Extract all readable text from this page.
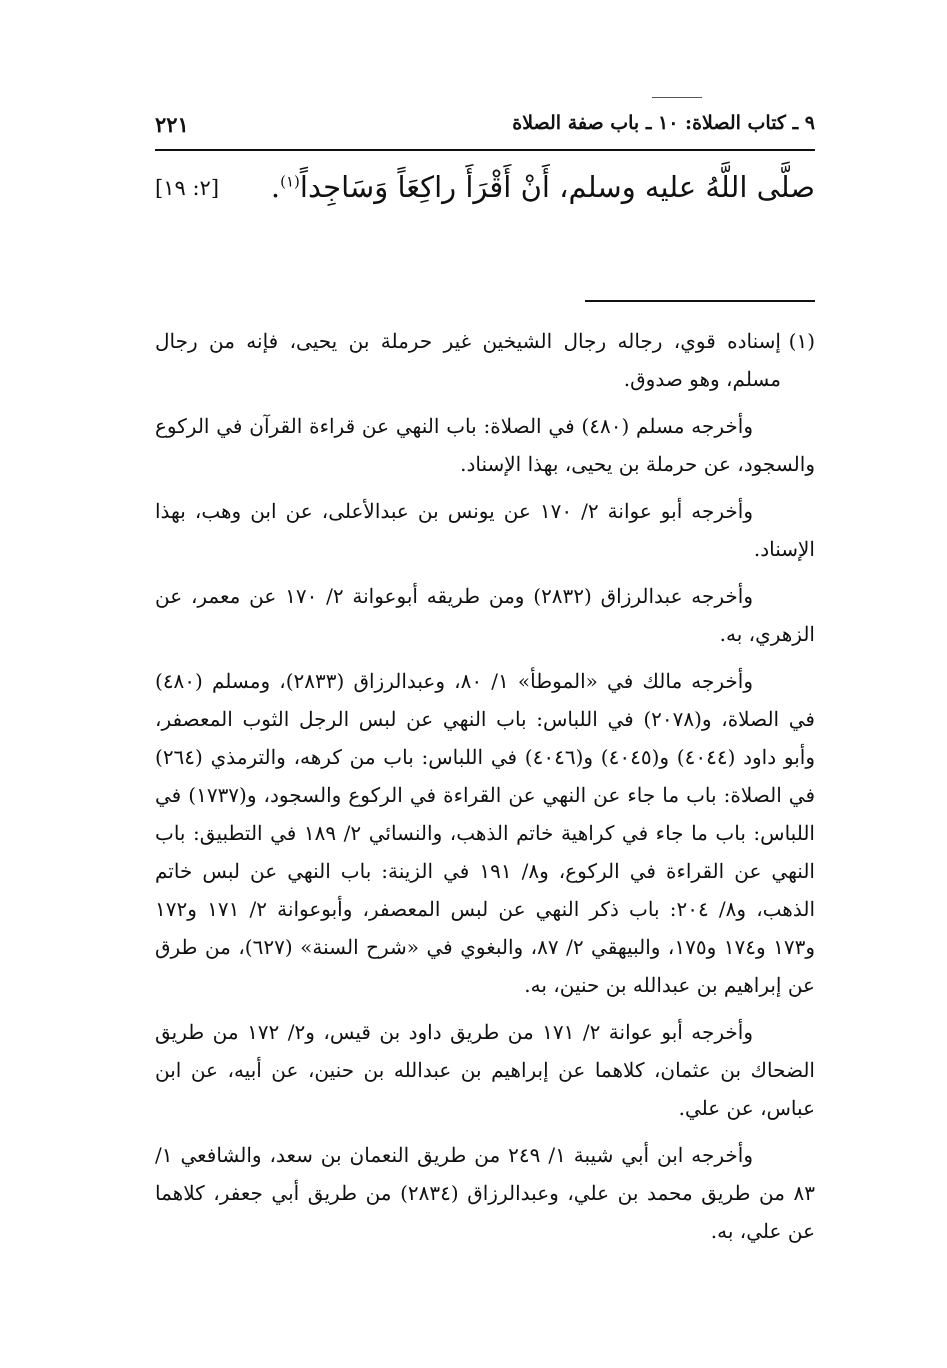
٩ ـ كتاب الصلاة: ١٠ ـ باب صفة الصلاة
٢٢١
صلَّى اللَّهُ عليه وسلم، أَنْ أَقْرَأَ راكِعَاً وَسَاجِداً$^{(١)}$.
[٢: ١٩]

(١)
إسناده قوي، رجاله رجال الشيخين غير حرملة بن يحيى، فإنه من رجال مسلم، وهو صدوق.

وأخرجه مسلم (٤٨٠) في الصلاة: باب النهي عن قراءة القرآن في الركوع والسجود، عن حرملة بن يحيى، بهذا الإسناد.

وأخرجه أبو عوانة ٢/ ١٧٠ عن يونس بن عبدالأعلى، عن ابن وهب، بهذا الإسناد.

وأخرجه عبدالرزاق (٢٨٣٢) ومن طريقه أبوعوانة ٢/ ١٧٠ عن معمر، عن الزهري، به.

وأخرجه مالك في «الموطأ» ١/ ٨٠، وعبدالرزاق (٢٨٣٣)، ومسلم (٤٨٠) في الصلاة، و(٢٠٧٨) في اللباس: باب النهي عن لبس الرجل الثوب المعصفر، وأبو داود (٤٠٤٤) و(٤٠٤٥) و(٤٠٤٦) في اللباس: باب من كرهه، والترمذي (٢٦٤) في الصلاة: باب ما جاء عن النهي عن القراءة في الركوع والسجود، و(١٧٣٧) في اللباس: باب ما جاء في كراهية خاتم الذهب، والنسائي ٢/ ١٨٩ في التطبيق: باب النهي عن القراءة في الركوع، و٨/ ١٩١ في الزينة: باب النهي عن لبس خاتم الذهب، و٨/ ٢٠٤: باب ذكر النهي عن لبس المعصفر، وأبوعوانة ٢/ ١٧١ و١٧٢ و١٧٣ و١٧٤ و١٧٥، والبيهقي ٢/ ٨٧، والبغوي في «شرح السنة» (٦٢٧)، من طرق عن إبراهيم بن عبدالله بن حنين، به.

وأخرجه أبو عوانة ٢/ ١٧١ من طريق داود بن قيس، و٢/ ١٧٢ من طريق الضحاك بن عثمان، كلاهما عن إبراهيم بن عبدالله بن حنين، عن أبيه، عن ابن عباس، عن علي.

وأخرجه ابن أبي شيبة ١/ ٢٤٩ من طريق النعمان بن سعد، والشافعي ١/ ٨٣ من طريق محمد بن علي، وعبدالرزاق (٢٨٣٤) من طريق أبي جعفر، كلاهما عن علي، به.
